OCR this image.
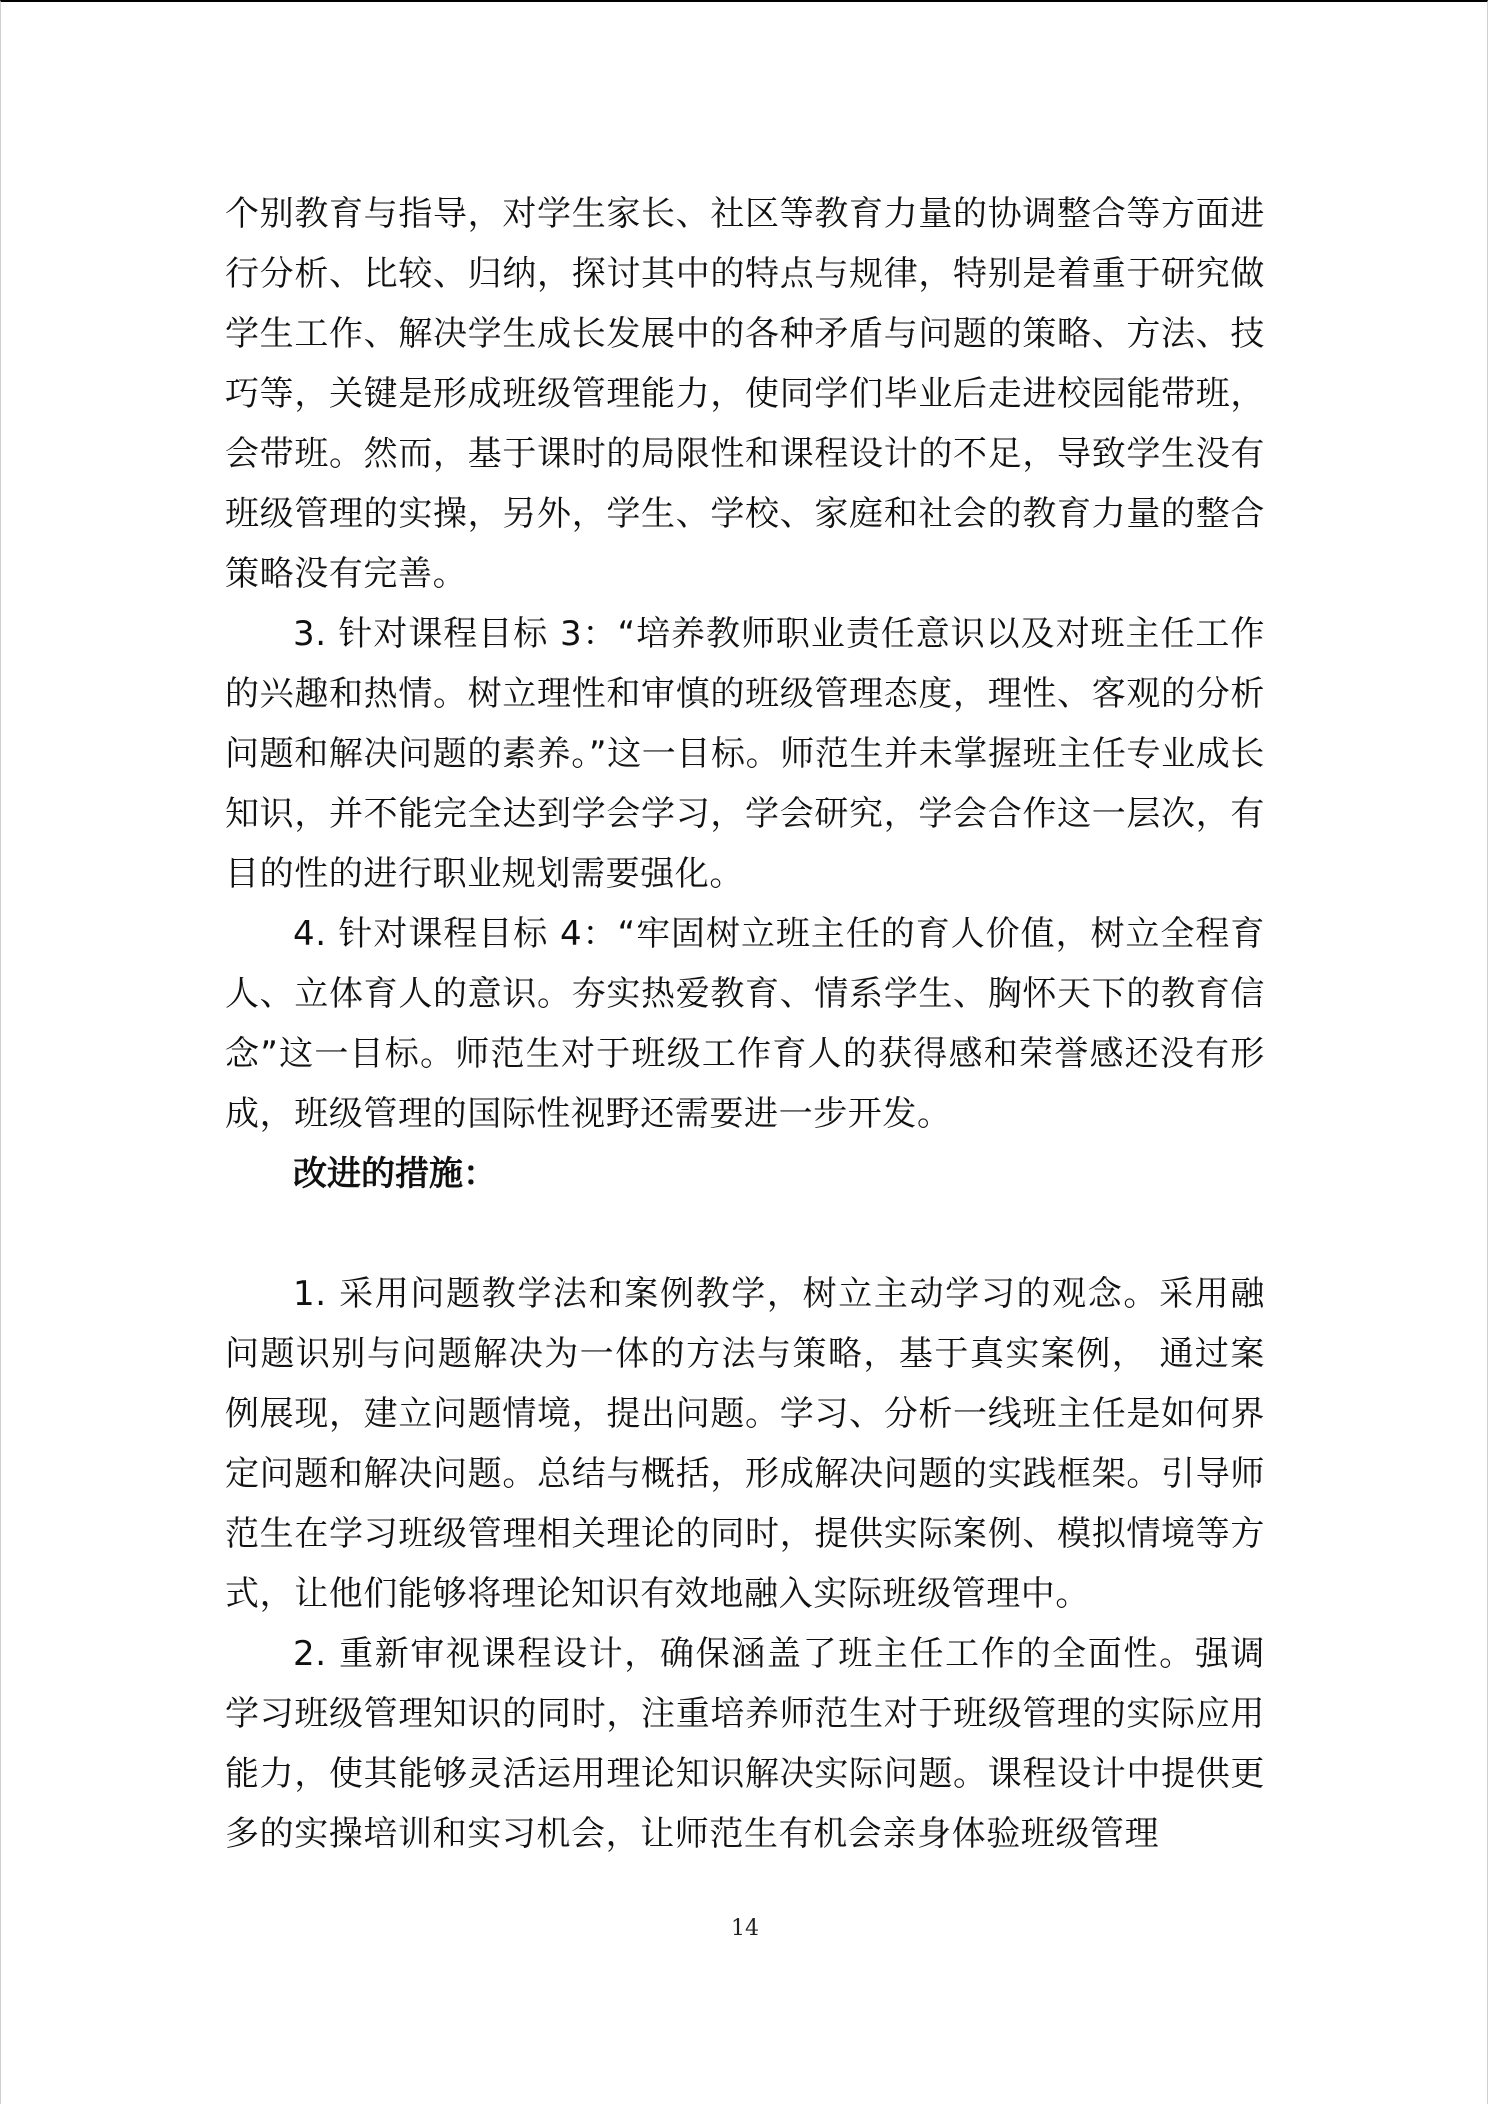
个别教育与指导，对学生家长、社区等教育力量的协调整合等方面进行分析、比较、归纳，探讨其中的特点与规律，特别是着重于研究做学生工作、解决学生成长发展中的各种矛盾与问题的策略、方法、技巧等，关键是形成班级管理能力，使同学们毕业后走进校园能带班，会带班。然而，基于课时的局限性和课程设计的不足，导致学生没有班级管理的实操，另外，学生、学校、家庭和社会的教育力量的整合策略没有完善。

3. 针对课程目标 3：“培养教师职业责任意识以及对班主任工作的兴趣和热情。树立理性和审慎的班级管理态度，理性、客观的分析问题和解决问题的素养。”这一目标。师范生并未掌握班主任专业成长知识，并不能完全达到学会学习，学会研究，学会合作这一层次，有目的性的进行职业规划需要强化。

4. 针对课程目标 4：“牢固树立班主任的育人价值，树立全程育人、立体育人的意识。夯实热爱教育、情系学生、胸怀天下的教育信念”这一目标。师范生对于班级工作育人的获得感和荣誉感还没有形成，班级管理的国际性视野还需要进一步开发。

改进的措施：

1. 采用问题教学法和案例教学，树立主动学习的观念。采用融问题识别与问题解决为一体的方法与策略，基于真实案例， 通过案例展现，建立问题情境，提出问题。学习、分析一线班主任是如何界定问题和解决问题。总结与概括，形成解决问题的实践框架。引导师范生在学习班级管理相关理论的同时，提供实际案例、模拟情境等方式，让他们能够将理论知识有效地融入实际班级管理中。

2. 重新审视课程设计，确保涵盖了班主任工作的全面性。强调学习班级管理知识的同时，注重培养师范生对于班级管理的实际应用能力，使其能够灵活运用理论知识解决实际问题。课程设计中提供更多的实操培训和实习机会，让师范生有机会亲身体验班级管理

14
